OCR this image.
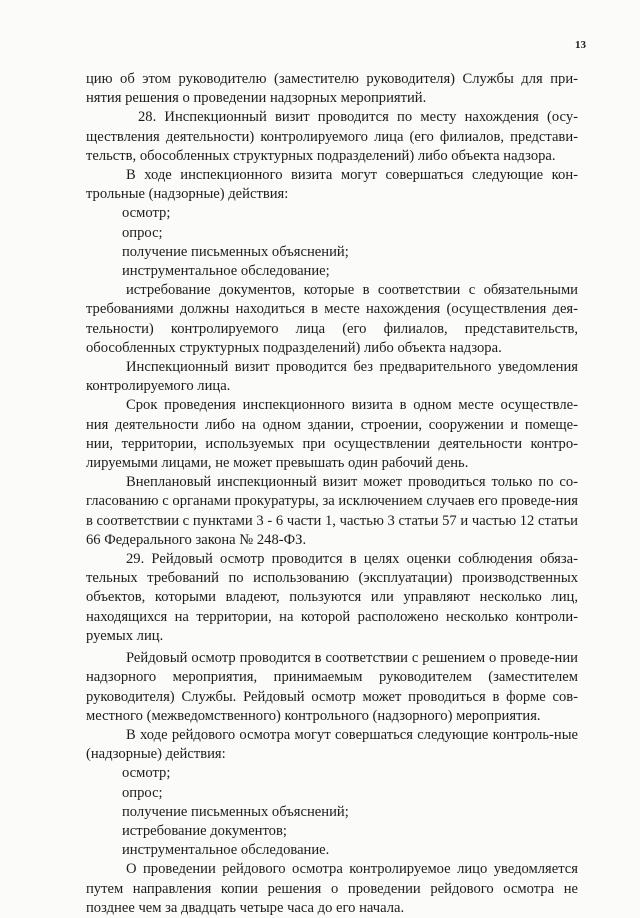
13

цию об этом руководителю (заместителю руководителя) Службы для при-нятия решения о проведении надзорных мероприятий.

28. Инспекционный визит проводится по месту нахождения (осу-ществления деятельности) контролируемого лица (его филиалов, представи-тельств, обособленных структурных подразделений) либо объекта надзора.

В ходе инспекционного визита могут совершаться следующие кон-трольные (надзорные) действия:

осмотр;

опрос;

получение письменных объяснений;

инструментальное обследование;

истребование документов, которые в соответствии с обязательными требованиями должны находиться в месте нахождения (осуществления дея-тельности) контролируемого лица (его филиалов, представительств, обособленных структурных подразделений) либо объекта надзора.

Инспекционный визит проводится без предварительного уведомления контролируемого лица.

Срок проведения инспекционного визита в одном месте осуществле-ния деятельности либо на одном здании, строении, сооружении и помеще-нии, территории, используемых при осуществлении деятельности контро-лируемыми лицами, не может превышать один рабочий день.

Внеплановый инспекционный визит может проводиться только по со-гласованию с органами прокуратуры, за исключением случаев его проведе-ния в соответствии с пунктами 3 - 6 части 1, частью 3 статьи 57 и частью 12 статьи 66 Федерального закона № 248-ФЗ.

29. Рейдовый осмотр проводится в целях оценки соблюдения обяза-тельных требований по использованию (эксплуатации) производственных объектов, которыми владеют, пользуются или управляют несколько лиц, находящихся на территории, на которой расположено несколько контроли-руемых лиц.

Рейдовый осмотр проводится в соответствии с решением о проведе-нии надзорного мероприятия, принимаемым руководителем (заместителем руководителя) Службы. Рейдовый осмотр может проводиться в форме сов-местного (межведомственного) контрольного (надзорного) мероприятия.

В ходе рейдового осмотра могут совершаться следующие контроль-ные (надзорные) действия:

осмотр;

опрос;

получение письменных объяснений;

истребование документов;

инструментальное обследование.

О проведении рейдового осмотра контролируемое лицо уведомляется путем направления копии решения о проведении рейдового осмотра не позднее чем за двадцать четыре часа до его начала.
